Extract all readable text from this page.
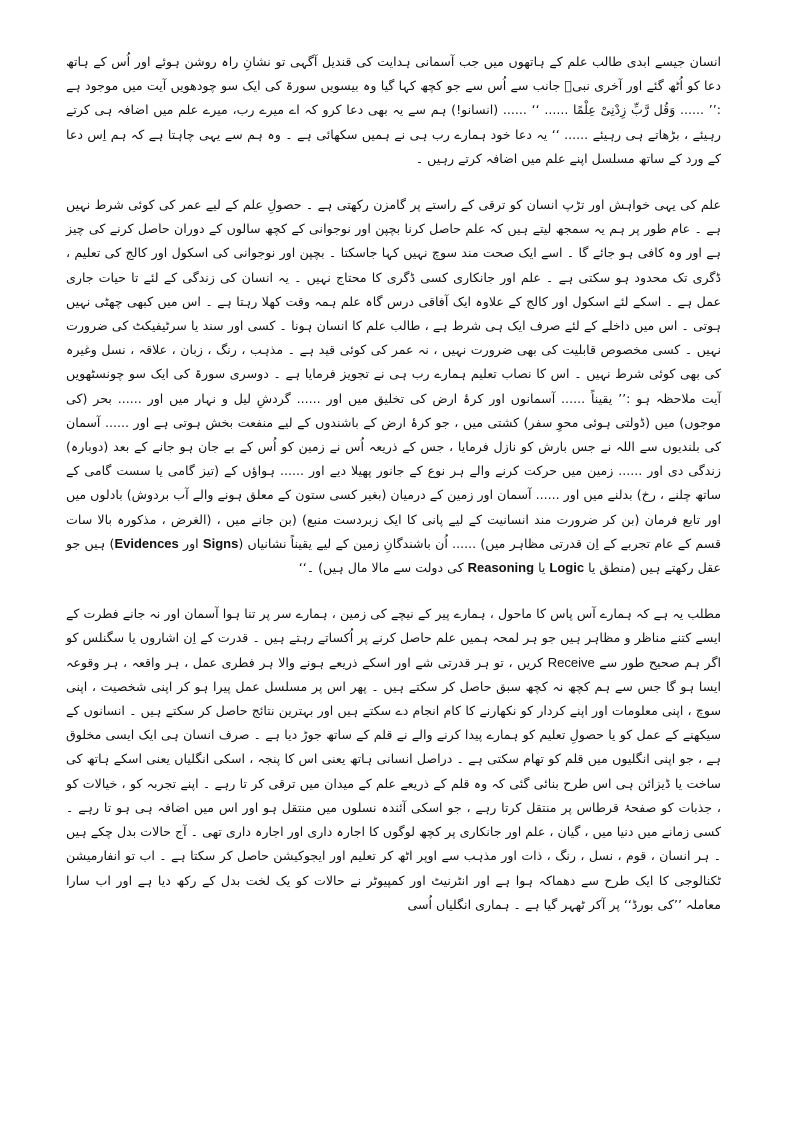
انسان جیسے ابدی طالب علم کے ہاتھوں میں جب آسمانی ہدایت کی قندیل آگہی تو نشانِ راہ روشن ہوئے اور اُس کے ہاتھ دعا کو اُٹھ گئے اور آخری نبیؐ جانب سے اُس سے جو کچھ کہا گیا وہ بیسویں سورۃ کی ایک سو چودھویں آیت میں موجود ہے :’’ ...... وَقُل رَّبِّ زِدْنِیْ عِلْمًا ...... ‘‘ ...... (انسانو!) ہم سے یہ بھی دعا کرو کہ اے میرے رب، میرے علم میں اضافہ ہی کرتے رہیئے ، بڑھاتے ہی رہیئے ...... ‘‘ یہ دعا خود ہمارے رب ہی نے ہمیں سکھائی ہے ۔ وہ ہم سے یہی چاہتا ہے کہ ہم اِس دعا کے ورد کے ساتھ مسلسل اپنے علم میں اضافہ کرتے رہیں ۔

علم کی یہی خواہش اور تڑپ انسان کو ترقی کے راستے پر گامزن رکھتی ہے ۔ حصولِ علم کے لیے عمر کی کوئی شرط نہیں ہے ۔ عام طور پر ہم یہ سمجھ لیتے ہیں کہ علم حاصل کرنا بچپن اور نوجوانی کے کچھ سالوں کے دوران حاصل کرنے کی چیز ہے اور وہ کافی ہو جائے گا ۔ اسے ایک صحت مند سوچ نہیں کہا جاسکتا ۔ بچپن اور نوجوانی کی اسکول اور کالج کی تعلیم ، ڈگری تک محدود ہو سکتی ہے ۔ علم اور جانکاری کسی ڈگری کا محتاج نہیں ۔ یہ انسان کی زندگی کے لئے تا حیات جاری عمل ہے ۔ اسکے لئے اسکول اور کالج کے علاوہ ایک آفاقی درس گاہ علم ہمہ وقت کھلا رہتا ہے ۔ اس میں کبھی چھٹی نہیں ہوتی ۔ اس میں داخلے کے لئے صرف ایک ہی شرط ہے ، طالب علم کا انسان ہونا ۔ کسی اور سند یا سرٹیفیکٹ کی ضرورت نہیں ۔ کسی مخصوص قابلیت کی بھی ضرورت نہیں ، نہ عمر کی کوئی قید ہے ۔ مذہب ، رنگ ، زبان ، علاقہ ، نسل وغیرہ کی بھی کوئی شرط نہیں ۔ اس کا نصاب تعلیم ہمارے رب ہی نے تجویز فرمایا ہے ۔ دوسری سورۃ کی ایک سو چونسٹھویں آیت ملاحظہ ہو :’’ یقیناً ...... آسمانوں اور کرۂ ارض کی تخلیق میں اور ...... گردشِ لیل و نہار میں اور ...... بحر (کی موجوں) میں (ڈولتی ہوئی محوِ سفر) کشتی میں ، جو کرۂ ارض کے باشندوں کے لیے منفعت بخش ہوتی ہے اور ...... آسمان کی بلندیوں سے اللہ نے جس بارش کو نازل فرمایا ، جس کے ذریعہ اُس نے زمین کو اُس کے بے جان ہو جانے کے بعد (دوبارہ) زندگی دی اور ...... زمین میں حرکت کرنے والے ہر نوع کے جانور پھیلا دیے اور ...... ہواؤں کے (تیز گامی یا سست گامی کے ساتھ چلنے ، رخ) بدلنے میں اور ...... آسمان اور زمین کے درمیان (بغیر کسی ستون کے معلق ہونے والے آب بردوش) بادلوں میں اور تابع فرمان (بن کر ضرورت مند انسانیت کے لیے پانی کا ایک زبردست منبع) (بن جانے میں ، (الغرض ، مذکورہ بالا سات قسم کے عام تجربے کے اِن قدرتی مظاہر میں) ...... اُن باشندگانِ زمین کے لیے یقیناً نشانیاں (Signs اور Evidences) ہیں جو عقل رکھتے ہیں (منطق یا Logic یا Reasoning کی دولت سے مالا مال ہیں) ۔‘‘

مطلب یہ ہے کہ ہمارے آس پاس کا ماحول ، ہمارے پیر کے نیچے کی زمین ، ہمارے سر پر تنا ہوا آسمان اور نہ جانے فطرت کے ایسے کتنے مناظر و مظاہر ہیں جو ہر لمحہ ہمیں علم حاصل کرنے پر اُکساتے رہتے ہیں ۔ قدرت کے اِن اشاروں یا سگنلس کو اگر ہم صحیح طور سے Receive کریں ، تو ہر قدرتی شے اور اسکے ذریعے ہونے والا ہر فطری عمل ، ہر واقعہ ، ہر وقوعہ ایسا ہو گا جس سے ہم کچھ نہ کچھ سبق حاصل کر سکتے ہیں ۔ پھر اس پر مسلسل عمل پیرا ہو کر اپنی شخصیت ، اپنی سوچ ، اپنی معلومات اور اپنے کردار کو نکھارنے کا کام انجام دے سکتے ہیں اور بہترین نتائج حاصل کر سکتے ہیں ۔ انسانوں کے سیکھنے کے عمل کو یا حصولِ تعلیم کو ہمارے پیدا کرنے والے نے قلم کے ساتھ جوڑ دیا ہے ۔ صرف انسان ہی ایک ایسی مخلوق ہے ، جو اپنی انگلیوں میں قلم کو تھام سکتی ہے ۔ دراصل انسانی ہاتھ یعنی اس کا پنجہ ، اسکی انگلیاں یعنی اسکے ہاتھ کی ساخت یا ڈیزائن ہی اس طرح بنائی گئی کہ وہ قلم کے ذریعے علم کے میدان میں ترقی کر تا رہے ۔ اپنے تجربہ کو ، خیالات کو ، جذبات کو صفحۂ قرطاس پر منتقل کرتا رہے ، جو اسکی آئندہ نسلوں میں منتقل ہو اور اس میں اضافہ ہی ہو تا رہے ۔ کسی زمانے میں دنیا میں ، گیان ، علم اور جانکاری پر کچھ لوگوں کا اجارہ داری اور اجارہ داری تھی ۔ آج حالات بدل چکے ہیں ۔ ہر انسان ، قوم ، نسل ، رنگ ، ذات اور مذہب سے اوپر اٹھ کر تعلیم اور ایجوکیشن حاصل کر سکتا ہے ۔ اب تو انفارمیشن ٹکنالوجی کا ایک طرح سے دھماکہ ہوا ہے اور انٹرنیٹ اور کمپیوٹر نے حالات کو یک لخت بدل کے رکھ دیا ہے اور اب سارا معاملہ ’’کی بورڈ‘‘ پر آکر ٹھہر گیا ہے ۔ ہماری انگلیاں اُسی
